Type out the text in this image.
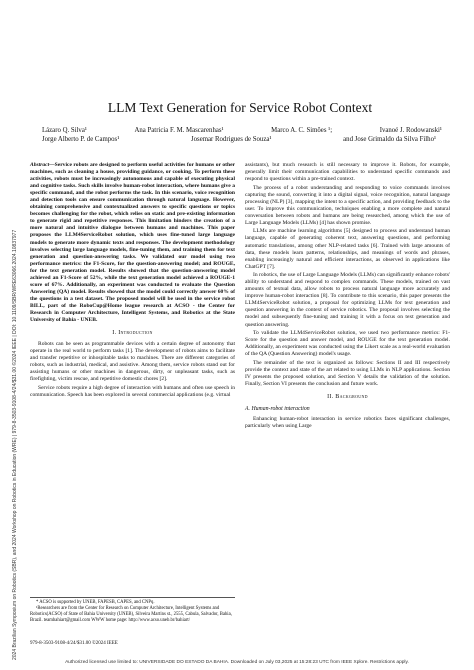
2024 Brazilian Symposium on Robotics (SBR), and 2024 Workshop on Robotics in Education (WRE) | 979-8-3503-9108-4/24/$31.00 ©2024 IEEE | DOI: 10.1109/SBR/WRE63066.2024.10837977
LLM Text Generation for Service Robot Context
Lázaro Q. Silva¹	Ana Patricia F. M. Mascarenhas¹	Marco A. C. Simões ¹;	Ivanoé J. Rodowanski¹
Jorge Alberto P. de Campos¹	Josemar Rodrigues de Souza¹	and Jose Grimaldo da Silva Filho¹
Abstract—Service robots are designed to perform useful activities for humans or other machines, such as cleaning a house, providing guidance, or cooking. To perform these activities, robots must be increasingly autonomous and capable of executing physical and cognitive tasks. Such skills involve human-robot interaction, where humans give a specific command, and the robot performs the task. In this scenario, voice recognition and detection tools can ensure communication through natural language. However, obtaining comprehensive and contextualized answers to specific questions or topics becomes challenging for the robot, which relies on static and pre-existing information to generate rigid and repetitive responses. This limitation hinders the creation of a more natural and intuitive dialogue between humans and machines. This paper proposes the LLM4ServiceRobot solution, which uses fine-tuned large language models to generate more dynamic texts and responses. The development methodology involves selecting large language models, fine-tuning them, and training them for text generation and question-answering tasks. We validated our model using two performance metrics: the F1-Score, for the question-answering model; and ROUGE, for the text generation model. Results showed that the question-answering model achieved an F1-Score of 52%, while the text generation model achieved a ROUGE-1 score of 67%. Additionally, an experiment was conducted to evaluate the Question Answering (QA) model. Results showed that the model could correctly answer 60% of the questions in a test dataset. The proposed model will be used in the service robot BILL, part of the RoboCup@Home league research at ACSO - the Center for Research in Computer Architecture, Intelligent Systems, and Robotics at the State University of Bahia - UNEB.
I. Introduction

Robots can be seen as programmable devices with a certain degree of autonomy that operate in the real world to perform tasks [1]. The development of robots aims to facilitate and transfer repetitive or inhospitable tasks to machines. There are different categories of robots, such as industrial, medical, and assistive. Among them, service robots stand out for assisting humans or other machines in dangerous, dirty, or unpleasant tasks, such as firefighting, victim rescue, and repetitive domestic chores [2].

Service robots require a high degree of interaction with humans and often use speech in communication. Speech has been explored in several commercial applications (e.g. virtual

* ACSO is supported by UNEB, FAPESB, CAPES, and CNPq.
¹Researchers are from the Center for Research on Computer Architecture, Intelligent Systems and Robotics(ACSO) of State of Bahia University (UNEB), Silveira Martins st., 2555, Cabula, Salvador, Bahia, Brazil. teambahiart@gmail.com WWW home page: http://www.acso.uneb.br/bahiart/
979-8-3503-9108-4/24/$31.00 ©2024 IEEE

assistants), but much research is still necessary to improve it. Robots, for example, generally limit their communication capabilities to understand specific commands and respond to questions within a pre-trained context.

The process of a robot understanding and responding to voice commands involves capturing the sound, converting it into a digital signal, voice recognition, natural language processing (NLP) [3], mapping the intent to a specific action, and providing feedback to the user. To improve this communication, techniques enabling a more complete and natural conversation between robots and humans are being researched, among which the use of Large Language Models (LLMs) [4] has shown promise.

LLMs are machine learning algorithms [5] designed to process and understand human language, capable of generating coherent text, answering questions, and performing automatic translations, among other NLP-related tasks [6]. Trained with large amounts of data, these models learn patterns, relationships, and meanings of words and phrases, enabling increasingly natural and efficient interactions, as observed in applications like ChatGPT [7].

In robotics, the use of Large Language Models (LLMs) can significantly enhance robots' ability to understand and respond to complex commands. These models, trained on vast amounts of textual data, allow robots to process natural language more accurately and improve human-robot interaction [8]. To contribute to this scenario, this paper presents the LLM4ServiceRobot solution, a proposal for optimizing LLMs for text generation and question answering in the context of service robotics. The proposal involves selecting the model and subsequently fine-tuning and training it with a focus on text generation and question answering.

To validate the LLM4ServiceRobot solution, we used two performance metrics: F1-Score for the question and answer model, and ROUGE for the text generation model. Additionally, an experiment was conducted using the Likert scale as a real-world evaluation of the QA (Question Answering) model's usage.

The remainder of the text is organized as follows: Sections II and III respectively provide the context and state of the art related to using LLMs in NLP applications. Section IV presents the proposed solution, and Section V details the validation of the solution. Finally, Section VI presents the conclusion and future work.

II. Background
A. Human-robot interaction

Enhancing human-robot interaction in service robotics faces significant challenges, particularly when using Large

Authorized licensed use limited to: UNIVERSIDADE DO ESTADO DA BAHIA. Downloaded on July 03,2025 at 15:28:23 UTC from IEEE Xplore. Restrictions apply.
